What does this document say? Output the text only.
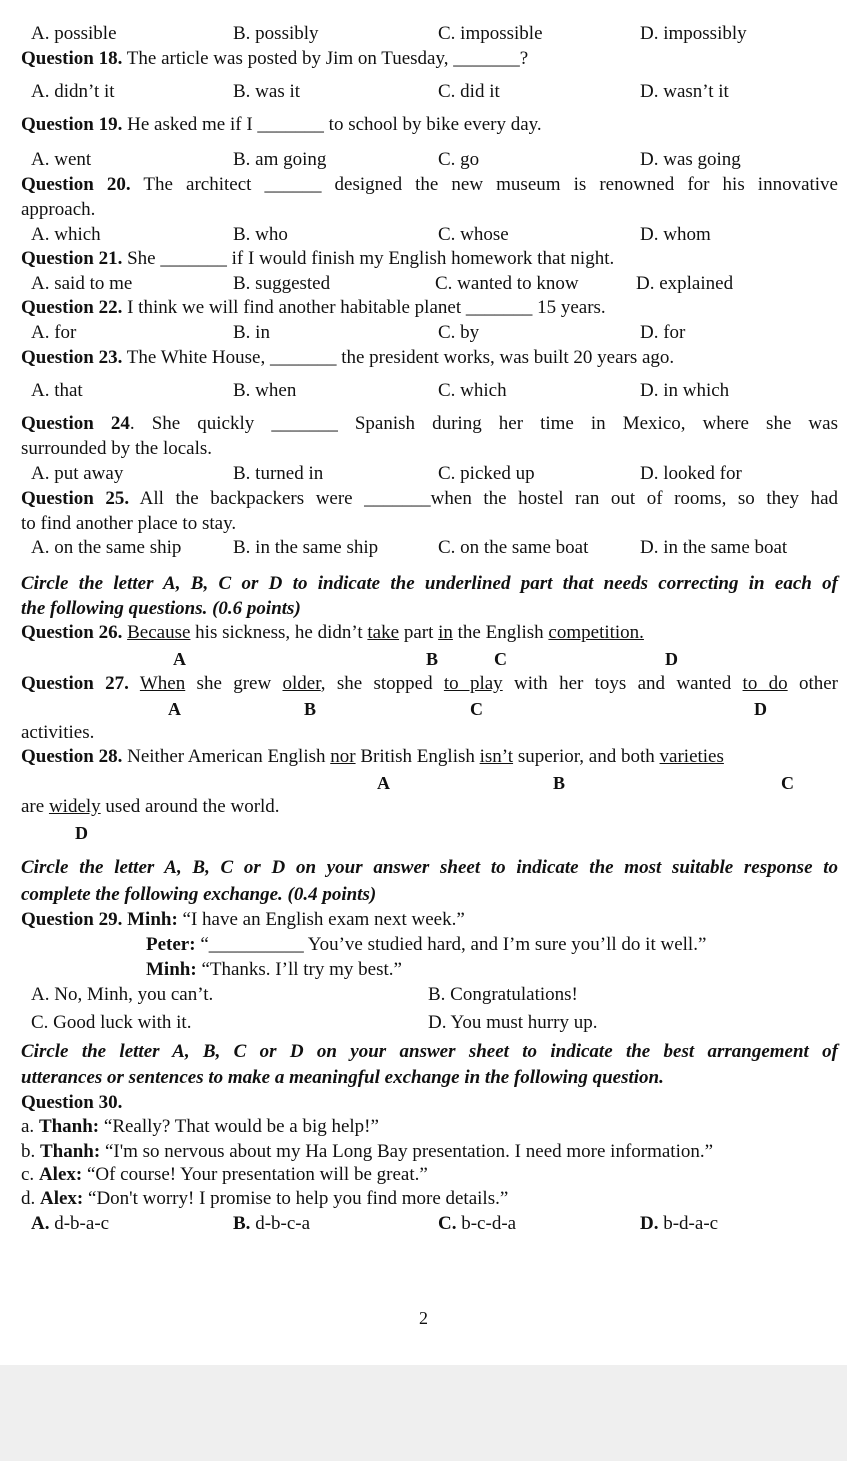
A. possible	B. possibly	C. impossible	D. impossibly
Question 18. The article was posted by Jim on Tuesday, _______?
A. didn’t it	B. was it	C. did it	D. wasn’t it
Question 19. He asked me if I _______ to school by bike every day.
A. went	B. am going	C. go	D. was going
Question 20. The architect ______ designed the new museum is renowned for his innovative
approach.
A. which	B. who	C. whose	D. whom
Question 21. She _______ if I would finish my English homework that night.
A. said to me	B. suggested	C. wanted to know	D. explained
Question 22. I think we will find another habitable planet _______ 15 years.
A. for	B. in	C. by	D. for
Question 23. The White House, _______ the president works, was built 20 years ago.
A. that	B. when	C. which	D. in which
Question 24. She quickly _______ Spanish during her time in Mexico, where she was
surrounded by the locals.
A. put away	B. turned in	C. picked up	D. looked for
Question 25. All the backpackers were _______when the hostel ran out of rooms, so they had
to find another place to stay.
A. on the same ship	B. in the same ship	C. on the same boat	D. in the same boat
Circle the letter A, B, C or D to indicate the underlined part that needs correcting in each of
the following questions. (0.6 points)
Question 26. Because his sickness, he didn’t take part in the English competition.
A	B	C	D
Question 27. When she grew older, she stopped to play with her toys and wanted to do other
A	B	C	D
activities.
Question 28. Neither American English nor British English isn’t superior, and both varieties
A	B	C
are widely used around the world.
D
Circle the letter A, B, C or D on your answer sheet to indicate the most suitable response to
complete the following exchange. (0.4 points)
Question 29. Minh: “I have an English exam next week.”
Peter: “__________ You’ve studied hard, and I’m sure you’ll do it well.”
Minh: “Thanks. I’ll try my best.”
A. No, Minh, you can’t.	B. Congratulations!
C. Good luck with it.	D. You must hurry up.
Circle the letter A, B, C or D on your answer sheet to indicate the best arrangement of
utterances or sentences to make a meaningful exchange in the following question.
Question 30.
a. Thanh: “Really? That would be a big help!”
b. Thanh: “I'm so nervous about my Ha Long Bay presentation. I need more information.”
c. Alex: “Of course! Your presentation will be great.”
d. Alex: “Don't worry! I promise to help you find more details.”
A. d-b-a-c	B. d-b-c-a	C. b-c-d-a	D. b-d-a-c
2
